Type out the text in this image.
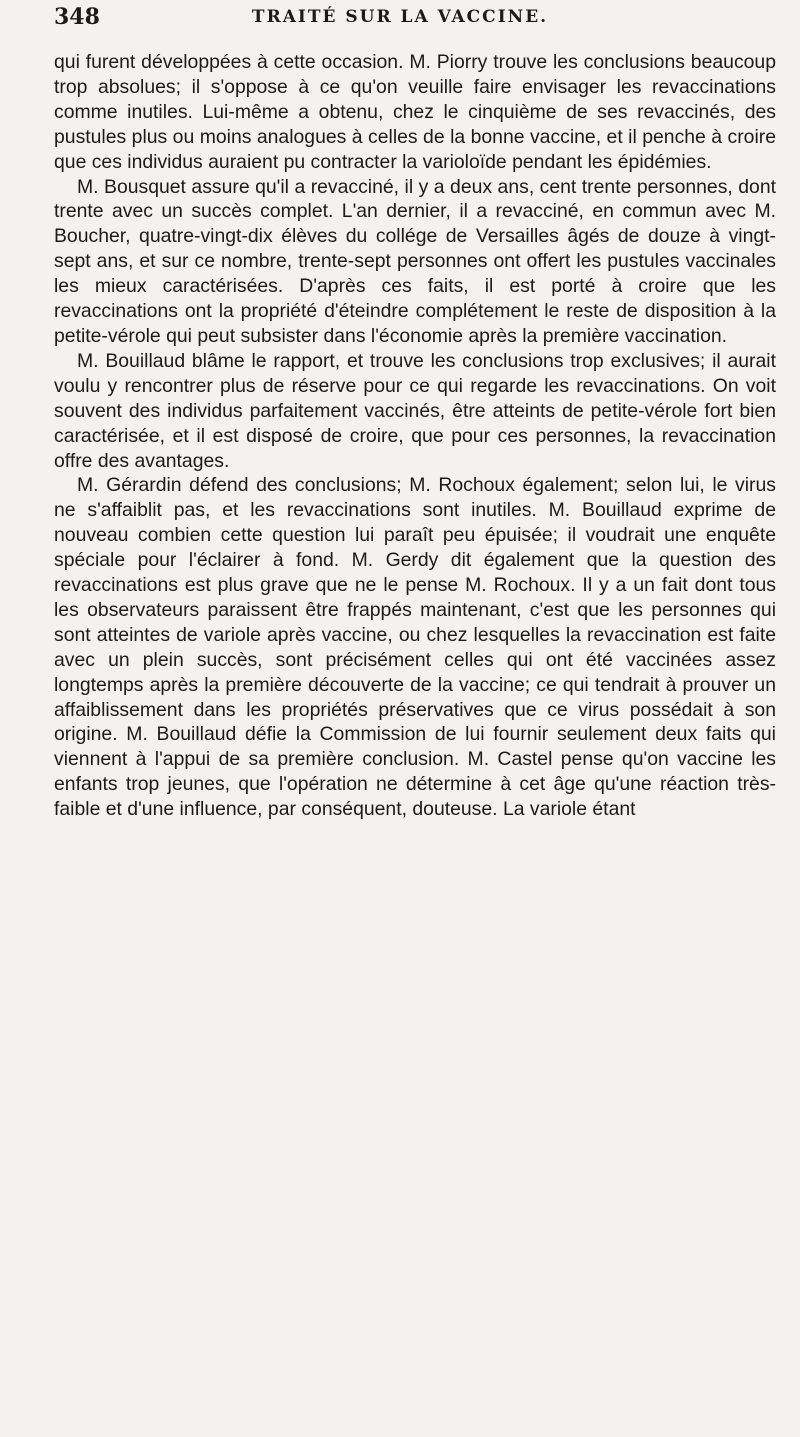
348	TRAITÉ SUR LA VACCINE.

qui furent développées à cette occasion. M. Piorry trouve les conclusions beaucoup trop absolues; il s'oppose à ce qu'on veuille faire envisager les revaccinations comme inutiles. Lui-même a obtenu, chez le cinquième de ses revaccinés, des pustules plus ou moins analogues à celles de la bonne vaccine, et il penche à croire que ces individus auraient pu contracter la varioloïde pendant les épidémies.

M. Bousquet assure qu'il a revacciné, il y a deux ans, cent trente personnes, dont trente avec un succès complet. L'an dernier, il a revacciné, en commun avec M. Boucher, quatre-vingt-dix élèves du collége de Versailles âgés de douze à vingt-sept ans, et sur ce nombre, trente-sept personnes ont offert les pustules vaccinales les mieux caractérisées. D'après ces faits, il est porté à croire que les revaccinations ont la propriété d'éteindre complétement le reste de disposition à la petite-vérole qui peut subsister dans l'économie après la première vaccination.

M. Bouillaud blâme le rapport, et trouve les conclusions trop exclusives; il aurait voulu y rencontrer plus de réserve pour ce qui regarde les revaccinations. On voit souvent des individus parfaitement vaccinés, être atteints de petite-vérole fort bien caractérisée, et il est disposé de croire, que pour ces personnes, la revaccination offre des avantages.

M. Gérardin défend des conclusions; M. Rochoux également; selon lui, le virus ne s'affaiblit pas, et les revaccinations sont inutiles. M. Bouillaud exprime de nouveau combien cette question lui paraît peu épuisée; il voudrait une enquête spéciale pour l'éclairer à fond. M. Gerdy dit également que la question des revaccinations est plus grave que ne le pense M. Rochoux. Il y a un fait dont tous les observateurs paraissent être frappés maintenant, c'est que les personnes qui sont atteintes de variole après vaccine, ou chez lesquelles la revaccination est faite avec un plein succès, sont précisément celles qui ont été vaccinées assez longtemps après la première découverte de la vaccine; ce qui tendrait à prouver un affaiblissement dans les propriétés préservatives que ce virus possédait à son origine. M. Bouillaud défie la Commission de lui fournir seulement deux faits qui viennent à l'appui de sa première conclusion. M. Castel pense qu'on vaccine les enfants trop jeunes, que l'opération ne détermine à cet âge qu'une réaction très-faible et d'une influence, par conséquent, douteuse. La variole étant
